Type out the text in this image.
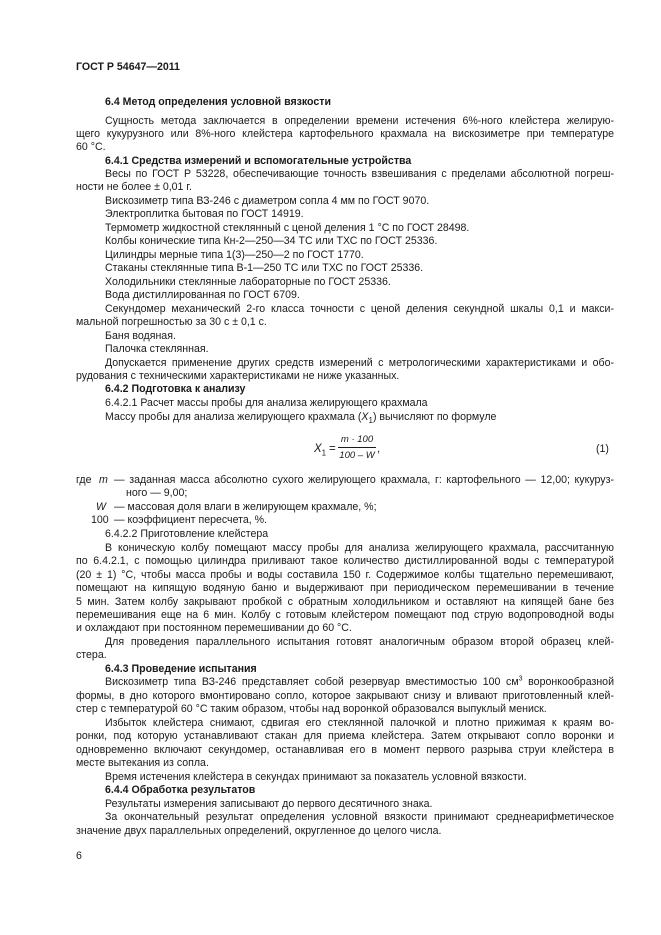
ГОСТ Р 54647—2011
6.4 Метод определения условной вязкости
Сущность метода заключается в определении времени истечения 6%-ного клейстера желирую-
щего кукурузного или 8%-ного клейстера картофельного крахмала на вискозиметре при температуре
60 °С.
6.4.1 Средства измерений и вспомогательные устройства
Весы по ГОСТ Р 53228, обеспечивающие точность взвешивания с пределами абсолютной погреш-
ности не более ± 0,01 г.
Вискозиметр типа ВЗ-246 с диаметром сопла 4 мм по ГОСТ 9070.
Электроплитка бытовая по ГОСТ 14919.
Термометр жидкостной стеклянный с ценой деления 1 °С по ГОСТ 28498.
Колбы конические типа Кн-2—250—34 ТС или ТХС по ГОСТ 25336.
Цилиндры мерные типа 1(3)—250—2 по ГОСТ 1770.
Стаканы стеклянные типа В-1—250 ТС или ТХС по ГОСТ 25336.
Холодильники стеклянные лабораторные по ГОСТ 25336.
Вода дистиллированная по ГОСТ 6709.
Секундомер механический 2-го класса точности с ценой деления секундной шкалы 0,1 и макси-
мальной погрешностью за 30 с ± 0,1 с.
Баня водяная.
Палочка стеклянная.
Допускается применение других средств измерений с метрологическими характеристиками и обо-
рудования с техническими характеристиками не ниже указанных.
6.4.2 Подготовка к анализу
6.4.2.1 Расчет массы пробы для анализа желирующего крахмала
Массу пробы для анализа желирующего крахмала $(X_1)$ вычисляют по формуле
$X_1$ =
m · 100
100 – W
,	(1)
где m — заданная масса абсолютно сухого желирующего крахмала, г: картофельного — 12,00; кукуруз-
ного — 9,00;
W — массовая доля влаги в желирующем крахмале, %;
100 — коэффициент пересчета, %.
6.4.2.2 Приготовление клейстера
В коническую колбу помещают массу пробы для анализа желирующего крахмала, рассчитанную
по 6.4.2.1, с помощью цилиндра приливают такое количество дистиллированной воды с температурой
(20 ± 1) °С, чтобы масса пробы и воды составила 150 г. Содержимое колбы тщательно перемешивают,
помещают на кипящую водяную баню и выдерживают при периодическом перемешивании в течение
5 мин. Затем колбу закрывают пробкой с обратным холодильником и оставляют на кипящей бане без
перемешивания еще на 6 мин. Колбу с готовым клейстером помещают под струю водопроводной воды
и охлаждают при постоянном перемешивании до 60 °С.
Для проведения параллельного испытания готовят аналогичным образом второй образец клей-
стера.
6.4.3 Проведение испытания
Вискозиметр типа ВЗ-246 представляет собой резервуар вместимостью 100 $см^3$ воронкообразной
формы, в дно которого вмонтировано сопло, которое закрывают снизу и вливают приготовленный клей-
стер с температурой 60 °С таким образом, чтобы над воронкой образовался выпуклый мениск.
Избыток клейстера снимают, сдвигая его стеклянной палочкой и плотно прижимая к краям во-
ронки, под которую устанавливают стакан для приема клейстера. Затем открывают сопло воронки и
одновременно включают секундомер, останавливая его в момент первого разрыва струи клейстера в
месте вытекания из сопла.
Время истечения клейстера в секундах принимают за показатель условной вязкости.
6.4.4 Обработка результатов
Результаты измерения записывают до первого десятичного знака.
За окончательный результат определения условной вязкости принимают среднеарифметическое
значение двух параллельных определений, округленное до целого числа.
6
